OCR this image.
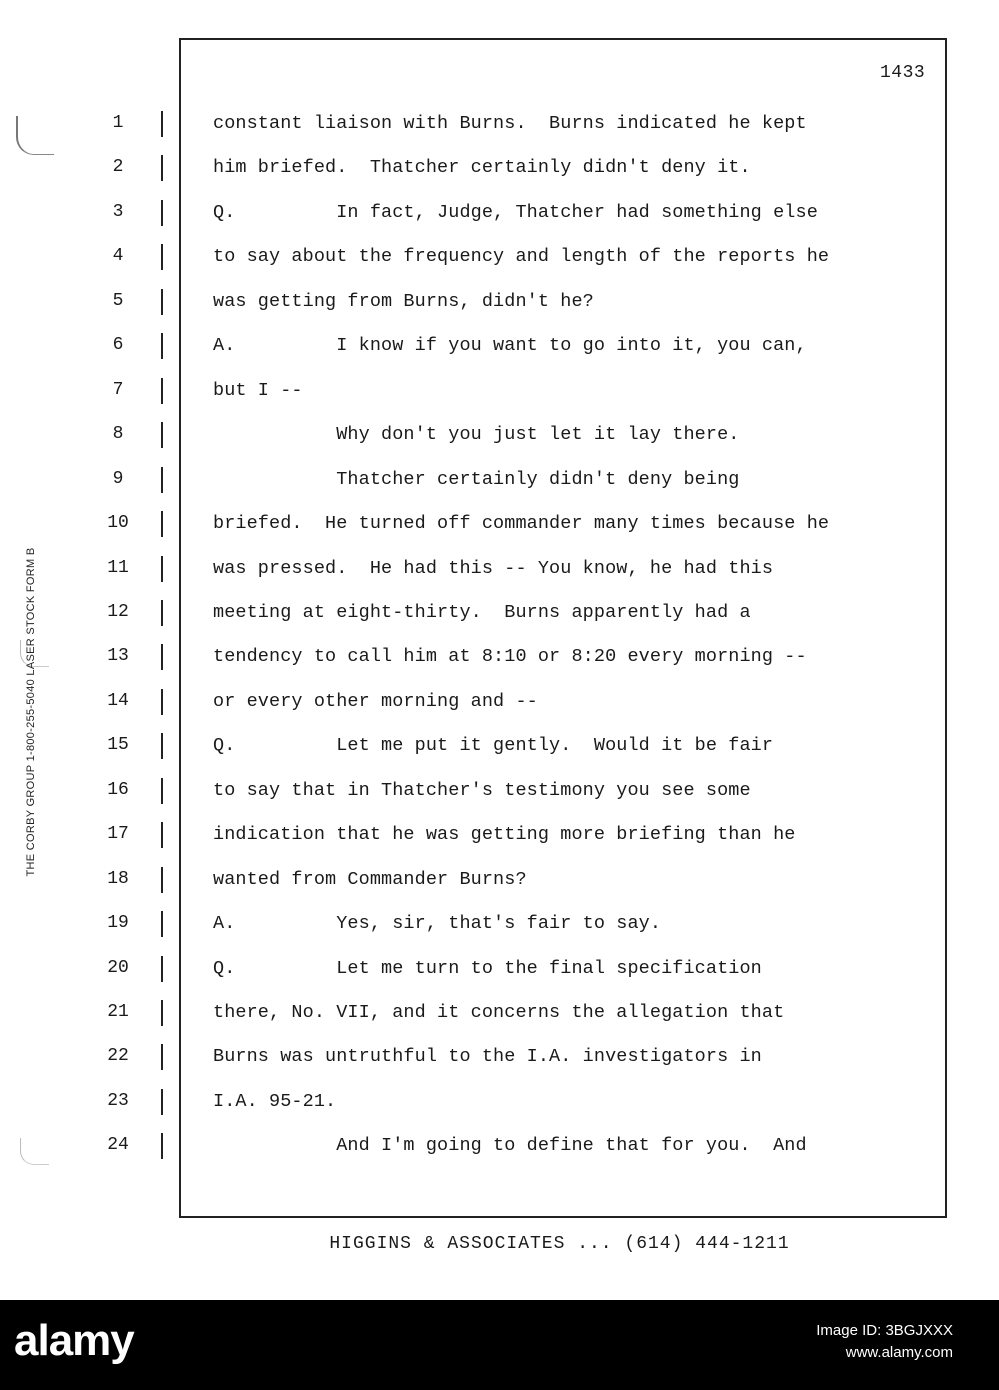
THE CORBY GROUP 1-800-255-5040 LASER STOCK FORM B
1433
1	constant liaison with Burns.  Burns indicated he kept
2	him briefed.  Thatcher certainly didn't deny it.
3	Q.         In fact, Judge, Thatcher had something else
4	to say about the frequency and length of the reports he
5	was getting from Burns, didn't he?
6	A.         I know if you want to go into it, you can,
7	but I --
8	Why don't you just let it lay there.
9	Thatcher certainly didn't deny being
10	briefed.  He turned off commander many times because he
11	was pressed.  He had this -- You know, he had this
12	meeting at eight-thirty.  Burns apparently had a
13	tendency to call him at 8:10 or 8:20 every morning --
14	or every other morning and --
15	Q.         Let me put it gently.  Would it be fair
16	to say that in Thatcher's testimony you see some
17	indication that he was getting more briefing than he
18	wanted from Commander Burns?
19	A.         Yes, sir, that's fair to say.
20	Q.         Let me turn to the final specification
21	there, No. VII, and it concerns the allegation that
22	Burns was untruthful to the I.A. investigators in
23	I.A. 95-21.
24	And I'm going to define that for you.  And
HIGGINS & ASSOCIATES ... (614) 444-1211
alamy	Image ID: 3BGJXXX
www.alamy.com
